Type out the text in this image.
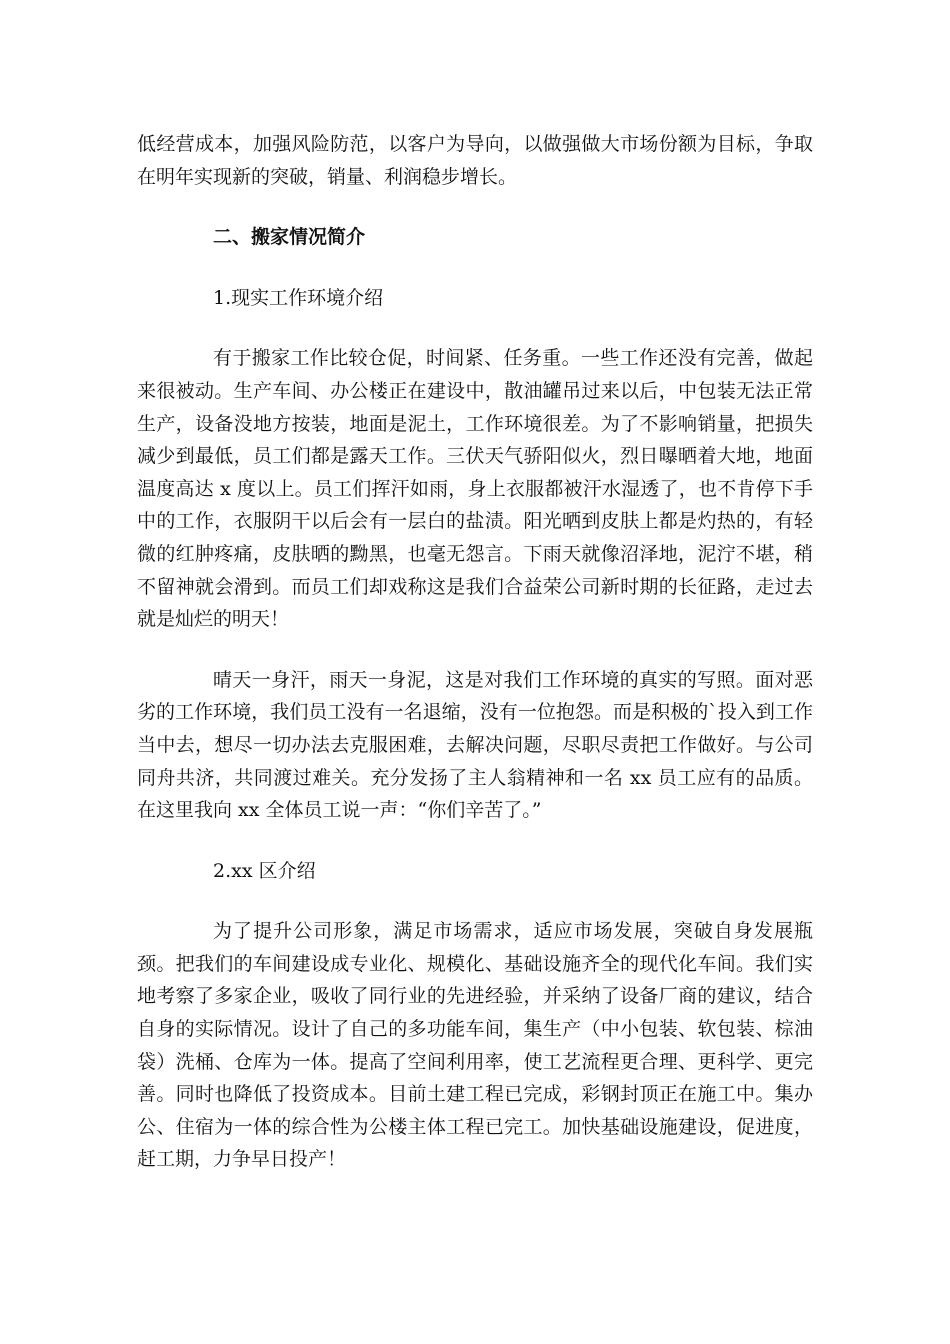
低经营成本，加强风险防范，以客户为导向，以做强做大市场份额为目标，争取在明年实现新的突破，销量、利润稳步增长。

二、搬家情况简介

1.现实工作环境介绍

有于搬家工作比较仓促，时间紧、任务重。一些工作还没有完善，做起来很被动。生产车间、办公楼正在建设中，散油罐吊过来以后，中包装无法正常生产，设备没地方按装，地面是泥土，工作环境很差。为了不影响销量，把损失减少到最低，员工们都是露天工作。三伏天气骄阳似火，烈日曝晒着大地，地面温度高达 x 度以上。员工们挥汗如雨，身上衣服都被汗水湿透了，也不肯停下手中的工作，衣服阴干以后会有一层白的盐渍。阳光晒到皮肤上都是灼热的，有轻微的红肿疼痛，皮肤晒的黝黑，也毫无怨言。下雨天就像沼泽地，泥泞不堪，稍不留神就会滑到。而员工们却戏称这是我们合益荣公司新时期的长征路，走过去就是灿烂的明天！

晴天一身汗，雨天一身泥，这是对我们工作环境的真实的写照。面对恶劣的工作环境，我们员工没有一名退缩，没有一位抱怨。而是积极的`投入到工作当中去，想尽一切办法去克服困难，去解决问题，尽职尽责把工作做好。与公司同舟共济，共同渡过难关。充分发扬了主人翁精神和一名 xx 员工应有的品质。在这里我向 xx 全体员工说一声：“你们辛苦了。”

2.xx 区介绍

为了提升公司形象，满足市场需求，适应市场发展，突破自身发展瓶颈。把我们的车间建设成专业化、规模化、基础设施齐全的现代化车间。我们实地考察了多家企业，吸收了同行业的先进经验，并采纳了设备厂商的建议，结合自身的实际情况。设计了自己的多功能车间，集生产（中小包装、软包装、棕油袋）洗桶、仓库为一体。提高了空间利用率，使工艺流程更合理、更科学、更完善。同时也降低了投资成本。目前土建工程已完成，彩钢封顶正在施工中。集办公、住宿为一体的综合性为公楼主体工程已完工。加快基础设施建设，促进度，赶工期，力争早日投产！
